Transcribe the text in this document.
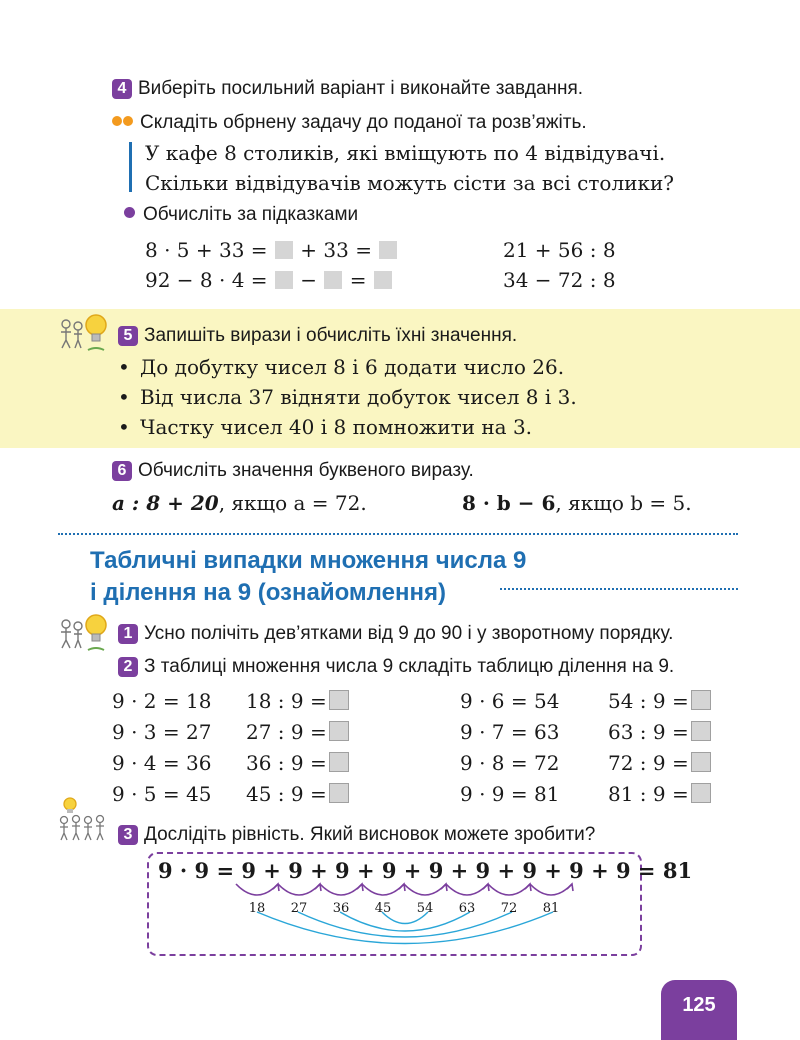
4 Виберіть посильний варіант і виконайте завдання.
Складіть обрнену задачу до поданої та розв’яжіть.
У кафе 8 столиків, які вміщують по 4 відвідувачі.
Скільки відвідувачів можуть сісти за всі столики?
Обчисліть за підказками
8 · 5 + 33 = + 33 =
92 − 8 · 4 = − =
21 + 56 : 8
34 − 72 : 8
5 Запишіть вирази і обчисліть їхні значення.
• До добутку чисел 8 і 6 додати число 26.
• Від числа 37 відняти добуток чисел 8 і 3.
• Частку чисел 40 і 8 помножити на 3.
6 Обчисліть значення буквеного виразу.
a : 8 + 20, якщо a = 72.	8 · b − 6, якщо b = 5.
Табличні випадки множення числа 9
і ділення на 9 (ознайомлення)
1 Усно полічіть дев’ятками від 9 до 90 і у зворотному порядку.
2 З таблиці множення числа 9 складіть таблицю ділення на 9.
9 · 2 = 18
9 · 3 = 27
9 · 4 = 36
9 · 5 = 45
18 : 9 =
27 : 9 =
36 : 9 =
45 : 9 =
9 · 6 = 54
9 · 7 = 63
9 · 8 = 72
9 · 9 = 81
54 : 9 =
63 : 9 =
72 : 9 =
81 : 9 =
3 Дослідіть рівність. Який висновок можете зробити?
9 · 9 = 9 + 9 + 9 + 9 + 9 + 9 + 9 + 9 + 9 = 81
18 27 36 45 54 63 72 81
125
